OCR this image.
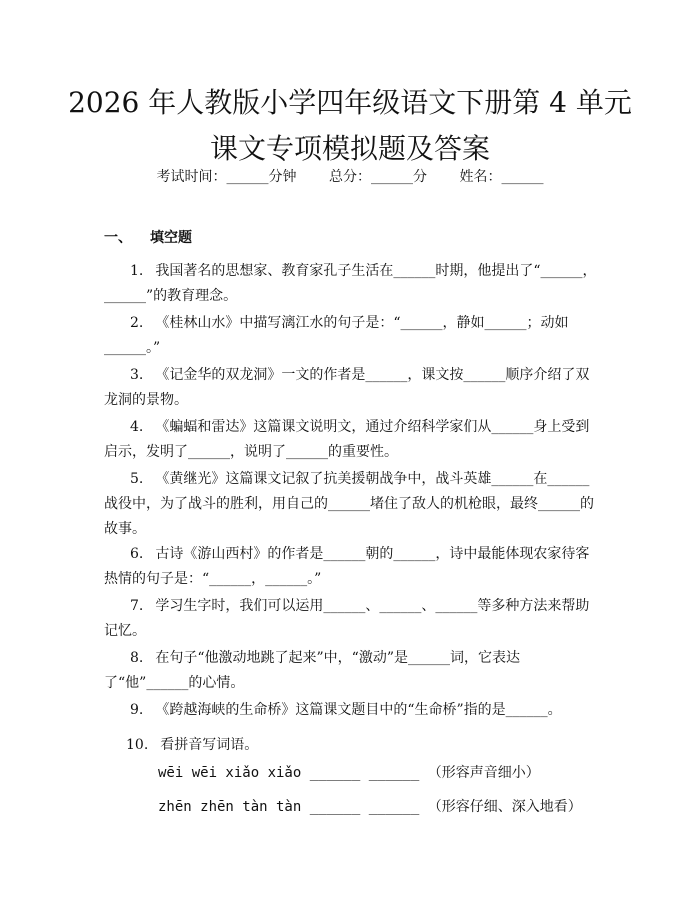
2026 年人教版小学四年级语文下册第 4 单元
课文专项模拟题及答案
考试时间：______分钟 总分：______分 姓名：______
一、 填空题
1. 我国著名的思想家、教育家孔子生活在______时期，他提出了“______，______”的教育理念。
2. 《桂林山水》中描写漓江水的句子是：“______，静如______；动如______。”
3. 《记金华的双龙洞》一文的作者是______，课文按______顺序介绍了双龙洞的景物。
4. 《蝙蝠和雷达》这篇课文说明文，通过介绍科学家们从______身上受到启示，发明了______，说明了______的重要性。
5. 《黄继光》这篇课文记叙了抗美援朝战争中，战斗英雄______在______战役中，为了战斗的胜利，用自己的______堵住了敌人的机枪眼，最终______的故事。
6. 古诗《游山西村》的作者是______朝的______，诗中最能体现农家待客热情的句子是：“______，______。”
7. 学习生字时，我们可以运用______、______、______等多种方法来帮助记忆。
8. 在句子“他激动地跳了起来”中，“激动”是______词，它表达了“他”______的心情。
9. 《跨越海峡的生命桥》这篇课文题目中的“生命桥”指的是______。
10. 看拼音写词语。
wēi wēi xiǎo xiǎo ______ ______ （形容声音细小）
zhēn zhēn tàn tàn ______ ______ （形容仔细、深入地看）
